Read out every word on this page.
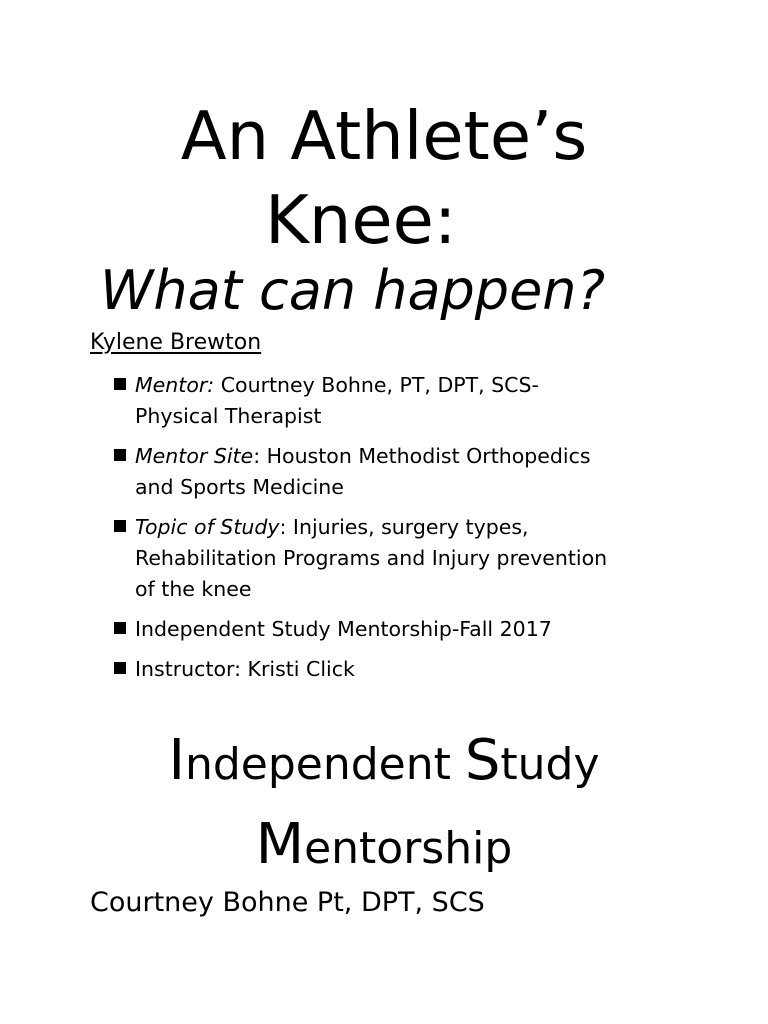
An Athlete’s
Knee:
What can happen?
Kylene Brewton
Mentor: Courtney Bohne, PT, DPT, SCS-
Physical Therapist
Mentor Site: Houston Methodist Orthopedics
and Sports Medicine
Topic of Study: Injuries, surgery types,
Rehabilitation Programs and Injury prevention
of the knee
Independent Study Mentorship-Fall 2017
Instructor: Kristi Click
Independent Study
Mentorship
Courtney Bohne Pt, DPT, SCS
